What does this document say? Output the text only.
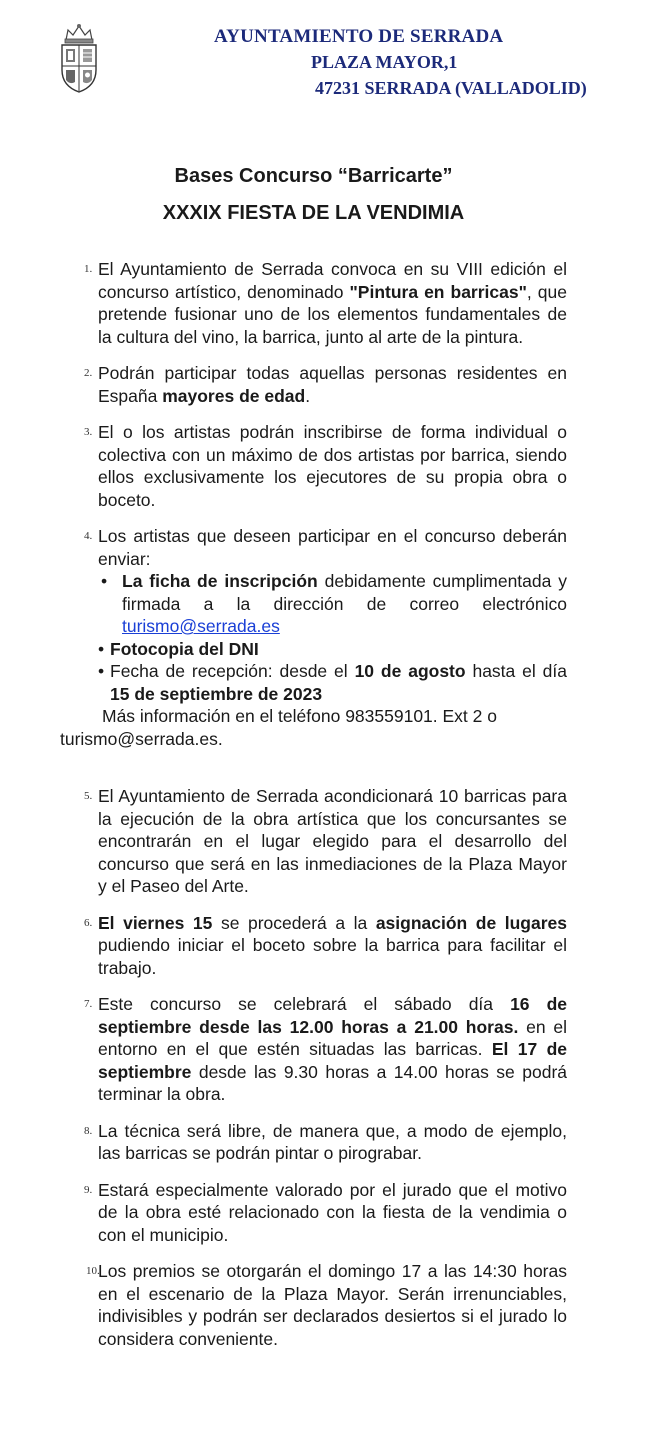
AYUNTAMIENTO DE SERRADA
PLAZA MAYOR,1
47231 SERRADA (VALLADOLID)
Bases Concurso “Barricarte”
XXXIX FIESTA DE LA VENDIMIA
1. El Ayuntamiento de Serrada convoca en su VIII edición el concurso artístico, denominado "Pintura en barricas", que pretende fusionar uno de los elementos fundamentales de la cultura del vino, la barrica, junto al arte de la pintura.

2. Podrán participar todas aquellas personas residentes en España mayores de edad.

3. El o los artistas podrán inscribirse de forma individual o colectiva con un máximo de dos artistas por barrica, siendo ellos exclusivamente los ejecutores de su propia obra o boceto.

4. Los artistas que deseen participar en el concurso deberán enviar:

• La ficha de inscripción debidamente cumplimentada y firmada a la dirección de correo electrónico turismo@serrada.es
• Fotocopia del DNI
• Fecha de recepción: desde el 10 de agosto hasta el día 15 de septiembre de 2023
Más información en el teléfono 983559101. Ext 2 o
turismo@serrada.es.
5. El Ayuntamiento de Serrada acondicionará 10 barricas para la ejecución de la obra artística que los concursantes se encontrarán en el lugar elegido para el desarrollo del concurso que será en las inmediaciones de la Plaza Mayor y el Paseo del Arte.

6. El viernes 15 se procederá a la asignación de lugares pudiendo iniciar el boceto sobre la barrica para facilitar el trabajo.

7. Este concurso se celebrará el sábado día 16 de septiembre desde las 12.00 horas a 21.00 horas. en el entorno en el que estén situadas las barricas. El 17 de septiembre desde las 9.30 horas a 14.00 horas se podrá terminar la obra.

8. La técnica será libre, de manera que, a modo de ejemplo, las barricas se podrán pintar o pirograbar.

9. Estará especialmente valorado por el jurado que el motivo de la obra esté relacionado con la fiesta de la vendimia o con el municipio.

10.

Los premios se otorgarán el domingo 17 a las 14:30 horas en el escenario de la Plaza Mayor. Serán irrenunciables, indivisibles y podrán ser declarados desiertos si el jurado lo considera conveniente.
